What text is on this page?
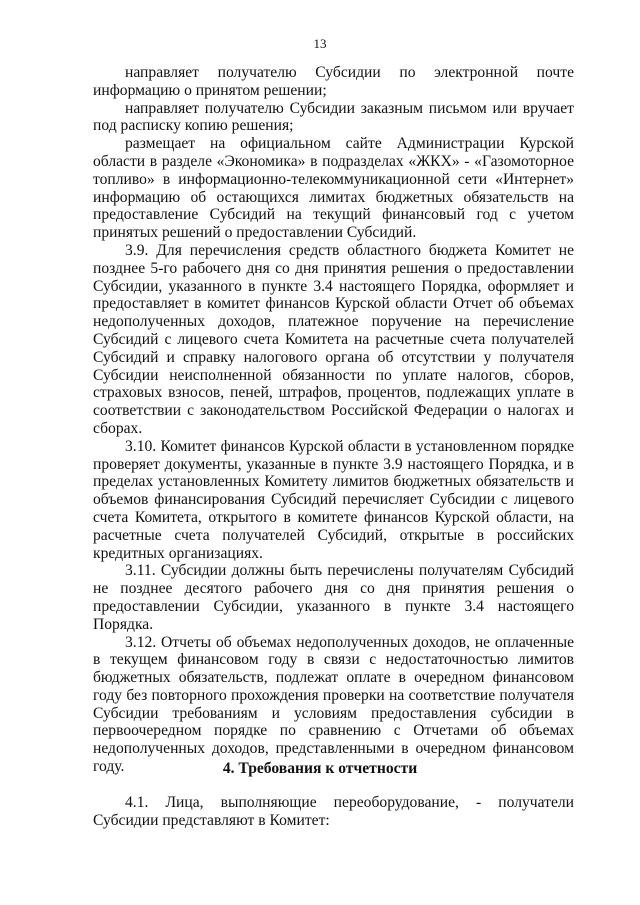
13

направляет получателю Субсидии по электронной почте информацию о принятом решении;

направляет получателю Субсидии заказным письмом или вручает под расписку копию решения;

размещает на официальном сайте Администрации Курской области в разделе «Экономика» в подразделах «ЖКХ» - «Газомоторное топливо» в информационно-телекоммуникационной сети «Интернет» информацию об остающихся лимитах бюджетных обязательств на предоставление Субсидий на текущий финансовый год с учетом принятых решений о предоставлении Субсидий.

3.9. Для перечисления средств областного бюджета Комитет не позднее 5-го рабочего дня со дня принятия решения о предоставлении Субсидии, указанного в пункте 3.4 настоящего Порядка, оформляет и предоставляет в комитет финансов Курской области Отчет об объемах недополученных доходов, платежное поручение на перечисление Субсидий с лицевого счета Комитета на расчетные счета получателей Субсидий и справку налогового органа об отсутствии у получателя Субсидии неисполненной обязанности по уплате налогов, сборов, страховых взносов, пеней, штрафов, процентов, подлежащих уплате в соответствии с законодательством Российской Федерации о налогах и сборах.

3.10. Комитет финансов Курской области в установленном порядке проверяет документы, указанные в пункте 3.9 настоящего Порядка, и в пределах установленных Комитету лимитов бюджетных обязательств и объемов финансирования Субсидий перечисляет Субсидии с лицевого счета Комитета, открытого в комитете финансов Курской области, на расчетные счета получателей Субсидий, открытые в российских кредитных организациях.

3.11. Субсидии должны быть перечислены получателям Субсидий не позднее десятого рабочего дня со дня принятия решения о предоставлении Субсидии, указанного в пункте 3.4 настоящего Порядка.

3.12. Отчеты об объемах недополученных доходов, не оплаченные в текущем финансовом году в связи с недостаточностью лимитов бюджетных обязательств, подлежат оплате в очередном финансовом году без повторного прохождения проверки на соответствие получателя Субсидии требованиям и условиям предоставления субсидии в первоочередном порядке по сравнению с Отчетами об объемах недополученных доходов, представленными в очередном финансовом году.	4. Требования к отчетности

4.1. Лица, выполняющие переоборудование, - получатели Субсидии представляют в Комитет:
